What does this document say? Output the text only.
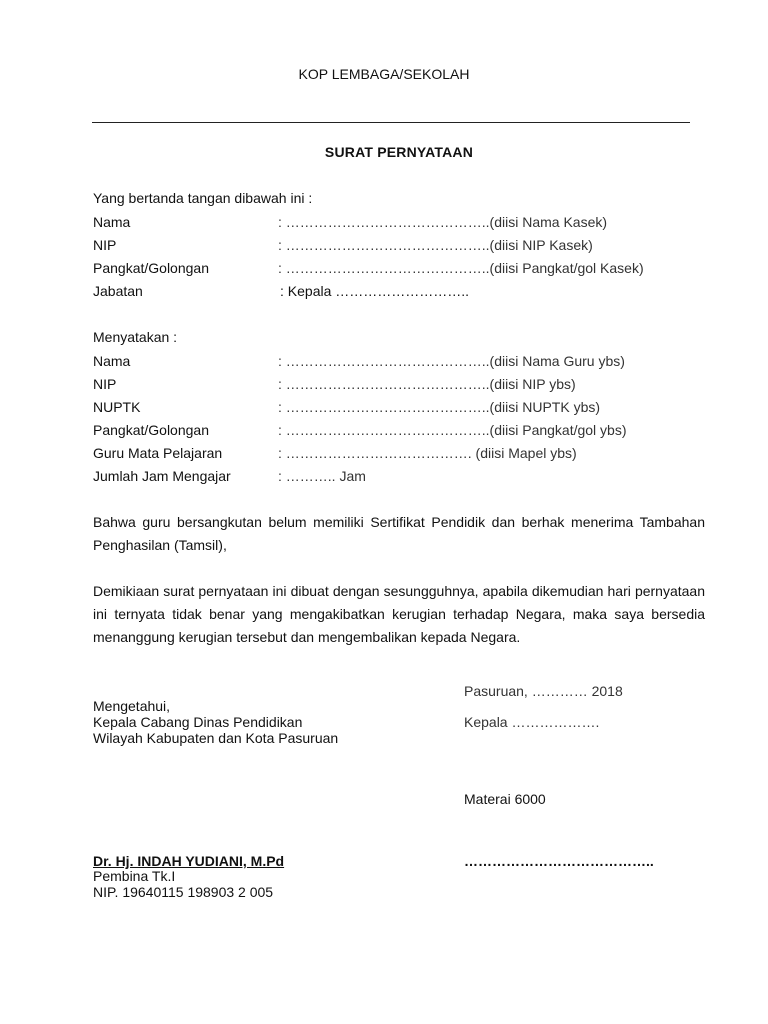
KOP LEMBAGA/SEKOLAH
SURAT PERNYATAAN
Yang bertanda tangan dibawah ini :
Nama	: ……………………………………..(diisi Nama Kasek)
NIP	: ……………………………………..(diisi NIP Kasek)
Pangkat/Golongan	: ……………………………………..(diisi Pangkat/gol Kasek)
Jabatan	: Kepala ………………………..
Menyatakan :
Nama	: ……………………………………..(diisi Nama Guru ybs)
NIP	: ……………………………………..(diisi NIP ybs)
NUPTK	: ……………………………………..(diisi NUPTK ybs)
Pangkat/Golongan	: ……………………………………..(diisi Pangkat/gol ybs)
Guru Mata Pelajaran	: …………………………………. (diisi Mapel ybs)
Jumlah Jam Mengajar	: ……….. Jam
Bahwa guru bersangkutan belum memiliki Sertifikat Pendidik dan berhak menerima Tambahan Penghasilan (Tamsil),
Demikiaan surat pernyataan ini dibuat dengan sesungguhnya, apabila dikemudian hari pernyataan ini ternyata tidak benar yang mengakibatkan kerugian terhadap Negara, maka saya bersedia menanggung kerugian tersebut dan mengembalikan kepada Negara.
Pasuruan, ………… 2018
Kepala ……………….
Materai 6000
…………………………………..
Mengetahui,
Kepala Cabang Dinas Pendidikan
Wilayah Kabupaten dan Kota Pasuruan
Dr. Hj. INDAH YUDIANI, M.Pd
Pembina Tk.I
NIP. 19640115 198903 2 005
